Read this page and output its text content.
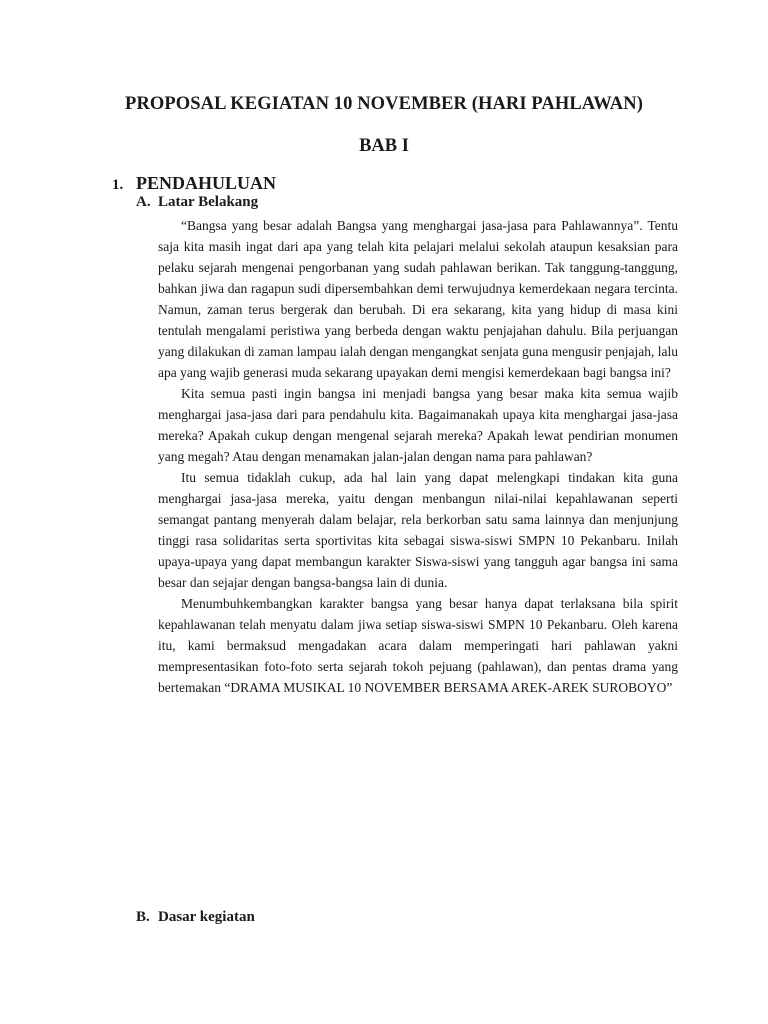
PROPOSAL KEGIATAN 10 NOVEMBER (HARI PAHLAWAN)
BAB I
1. PENDAHULUAN
A. Latar Belakang

“Bangsa yang besar adalah Bangsa yang menghargai jasa-jasa para Pahlawannya”. Tentu saja kita masih ingat dari apa yang telah kita pelajari melalui sekolah ataupun kesaksian para pelaku sejarah mengenai pengorbanan yang sudah pahlawan berikan. Tak tanggung-tanggung, bahkan jiwa dan ragapun sudi dipersembahkan demi terwujudnya kemerdekaan negara tercinta. Namun, zaman terus bergerak dan berubah. Di era sekarang, kita yang hidup di masa kini tentulah mengalami peristiwa yang berbeda dengan waktu penjajahan dahulu. Bila perjuangan yang dilakukan di zaman lampau ialah dengan mengangkat senjata guna mengusir penjajah, lalu apa yang wajib generasi muda sekarang upayakan demi mengisi kemerdekaan bagi bangsa ini?

Kita semua pasti ingin bangsa ini menjadi bangsa yang besar maka kita semua wajib menghargai jasa-jasa dari para pendahulu kita. Bagaimanakah upaya kita menghargai jasa-jasa mereka? Apakah cukup dengan mengenal sejarah mereka? Apakah lewat pendirian monumen yang megah? Atau dengan menamakan jalan-jalan dengan nama para pahlawan?

Itu semua tidaklah cukup, ada hal lain yang dapat melengkapi tindakan kita guna menghargai jasa-jasa mereka, yaitu dengan menbangun nilai-nilai kepahlawanan seperti semangat pantang menyerah dalam belajar, rela berkorban satu sama lainnya dan menjunjung tinggi rasa solidaritas serta sportivitas kita sebagai siswa-siswi SMPN 10 Pekanbaru. Inilah upaya-upaya yang dapat membangun karakter Siswa-siswi yang tangguh agar bangsa ini sama besar dan sejajar dengan bangsa-bangsa lain di dunia.

Menumbuhkembangkan karakter bangsa yang besar hanya dapat terlaksana bila spirit kepahlawanan telah menyatu dalam jiwa setiap siswa-siswi SMPN 10 Pekanbaru. Oleh karena itu, kami bermaksud mengadakan acara dalam memperingati hari pahlawan yakni mempresentasikan foto-foto serta sejarah tokoh pejuang (pahlawan), dan pentas drama yang bertemakan “DRAMA MUSIKAL 10 NOVEMBER BERSAMA AREK-AREK SUROBOYO”

B. Dasar kegiatan
